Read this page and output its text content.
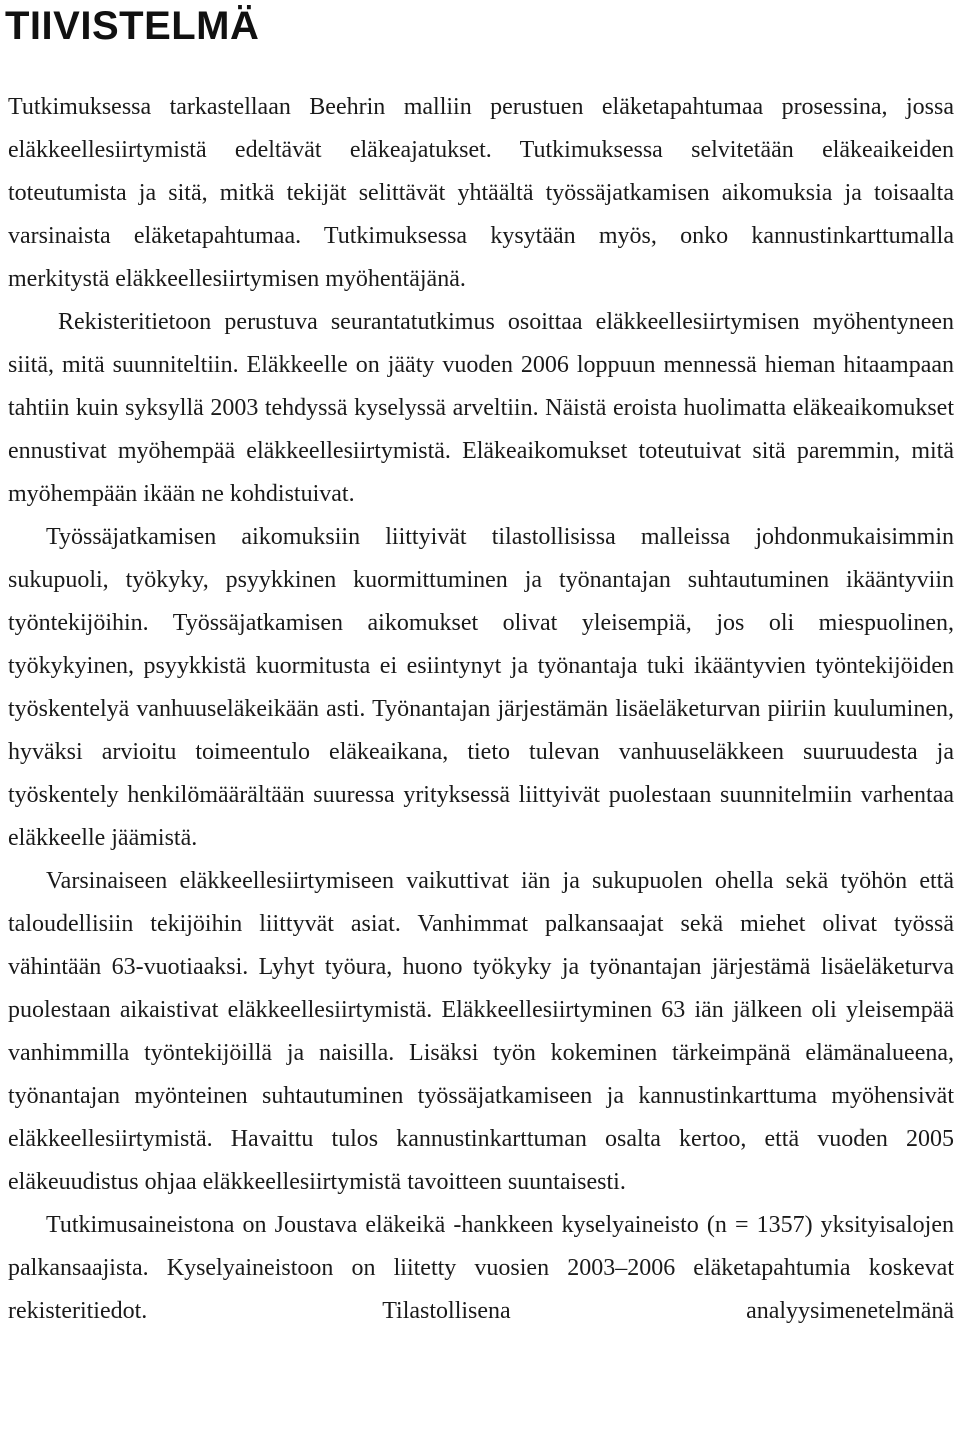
TIIVISTELMÄ

Tutkimuksessa tarkastellaan Beehrin malliin perustuen eläketapahtumaa prosessina, jossa eläkkeellesiirtymistä edeltävät eläkeajatukset. Tutkimuksessa selvitetään eläkeaikeiden toteutumista ja sitä, mitkä tekijät selittävät yhtäältä työssäjatkamisen aikomuksia ja toisaalta varsinaista eläketapahtumaa. Tutkimuksessa kysytään myös, onko kannustinkarttumalla merkitystä eläkkeellesiirtymisen myöhentäjänä.

Rekisteritietoon perustuva seurantatutkimus osoittaa eläkkeellesiirtymisen myöhentyneen siitä, mitä suunniteltiin. Eläkkeelle on jääty vuoden 2006 loppuun mennessä hieman hitaampaan tahtiin kuin syksyllä 2003 tehdyssä kyselyssä arveltiin. Näistä eroista huolimatta eläkeaikomukset ennustivat myöhempää eläkkeellesiirtymistä. Eläkeaikomukset toteutuivat sitä paremmin, mitä myöhempään ikään ne kohdistuivat.

Työssäjatkamisen aikomuksiin liittyivät tilastollisissa malleissa johdonmukaisimmin sukupuoli, työkyky, psyykkinen kuormittuminen ja työnantajan suhtautuminen ikääntyviin työntekijöihin. Työssäjatkamisen aikomukset olivat yleisempiä, jos oli miespuolinen, työkykyinen, psyykkistä kuormitusta ei esiintynyt ja työnantaja tuki ikääntyvien työntekijöiden työskentelyä vanhuuseläkeikään asti. Työnantajan järjestämän lisäeläketurvan piiriin kuuluminen, hyväksi arvioitu toimeentulo eläkeaikana, tieto tulevan vanhuuseläkkeen suuruudesta ja työskentely henkilömäärältään suuressa yrityksessä liittyivät puolestaan suunnitelmiin varhentaa eläkkeelle jäämistä.

Varsinaiseen eläkkeellesiirtymiseen vaikuttivat iän ja sukupuolen ohella sekä työhön että taloudellisiin tekijöihin liittyvät asiat. Vanhimmat palkansaajat sekä miehet olivat työssä vähintään 63-vuotiaaksi. Lyhyt työura, huono työkyky ja työnantajan järjestämä lisäeläketurva puolestaan aikaistivat eläkkeellesiirtymistä. Eläkkeellesiirtyminen 63 iän jälkeen oli yleisempää vanhimmilla työntekijöillä ja naisilla. Lisäksi työn kokeminen tärkeimpänä elämänalueena, työnantajan myönteinen suhtautuminen työssäjatkamiseen ja kannustinkarttuma myöhensivät eläkkeellesiirtymistä. Havaittu tulos kannustinkarttuman osalta kertoo, että vuoden 2005 eläkeuudistus ohjaa eläkkeellesiirtymistä tavoitteen suuntaisesti.

Tutkimusaineistona on Joustava eläkeikä -hankkeen kyselyaineisto (n = 1357) yksityisalojen palkansaajista. Kyselyaineistoon on liitetty vuosien 2003–2006 eläketapahtumia koskevat rekisteritiedot. Tilastollisena analyysimenetelmänä
